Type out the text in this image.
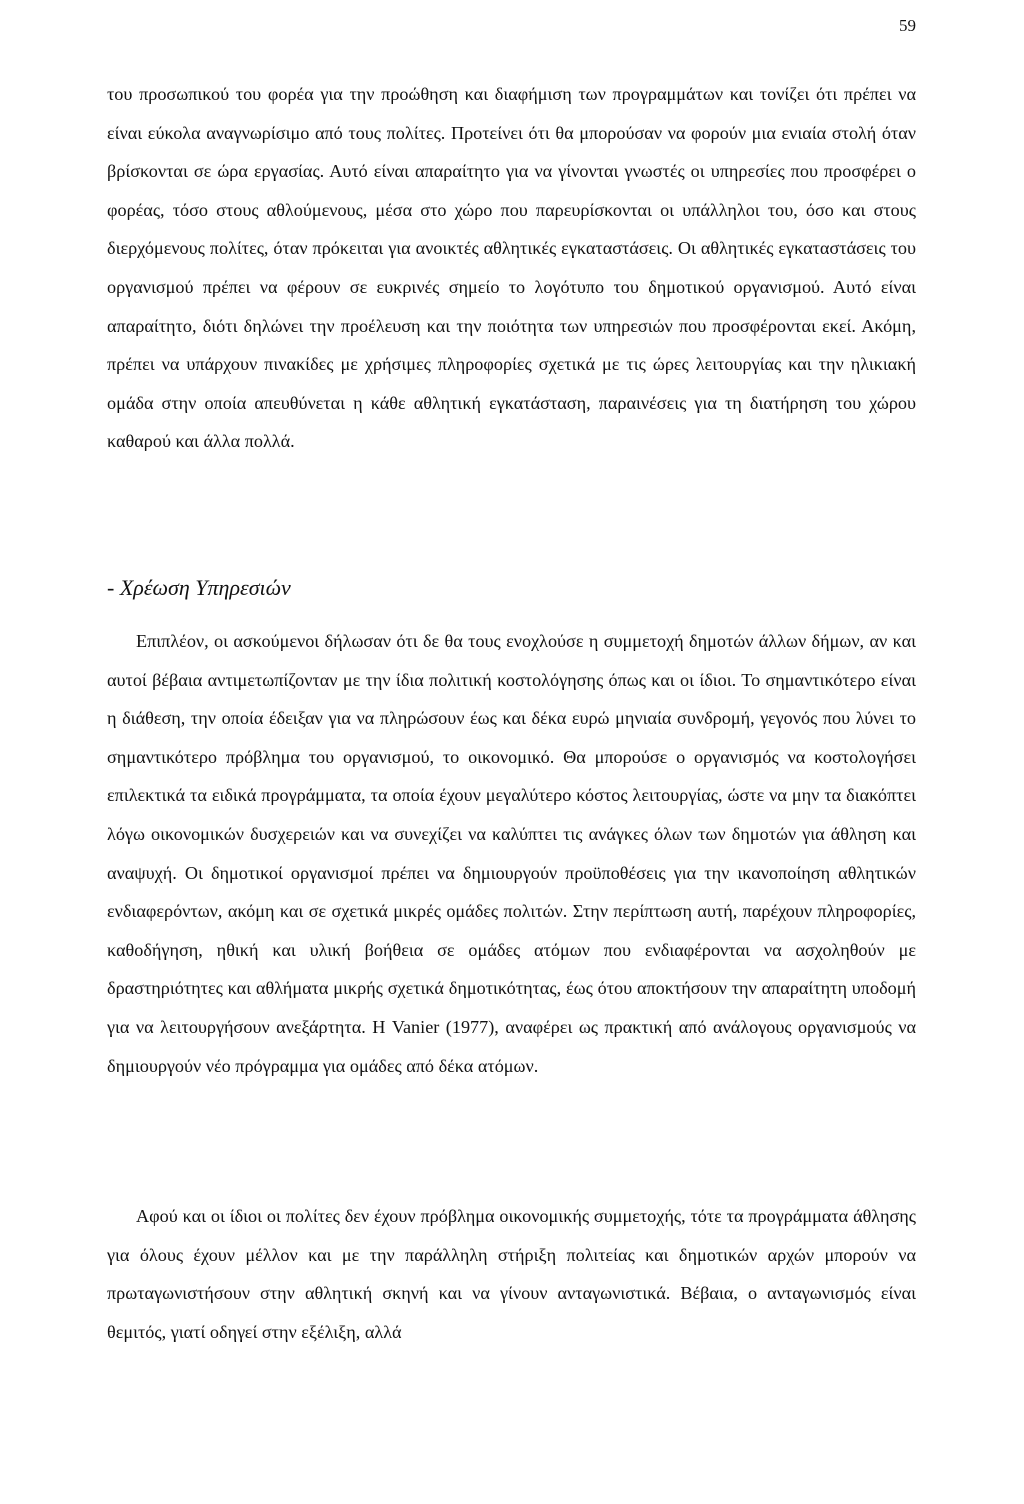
59

του προσωπικού του φορέα για την προώθηση και διαφήμιση των προγραμμάτων και τονίζει ότι πρέπει να είναι εύκολα αναγνωρίσιμο από τους πολίτες. Προτείνει ότι θα μπορούσαν να φορούν μια ενιαία στολή όταν βρίσκονται σε ώρα εργασίας. Αυτό είναι απαραίτητο για να γίνονται γνωστές οι υπηρεσίες που προσφέρει ο φορέας, τόσο στους αθλούμενους, μέσα στο χώρο που παρευρίσκονται οι υπάλληλοι του, όσο και στους διερχόμενους πολίτες, όταν πρόκειται για ανοικτές αθλητικές εγκαταστάσεις. Οι αθλητικές εγκαταστάσεις του οργανισμού πρέπει να φέρουν σε ευκρινές σημείο το λογότυπο του δημοτικού οργανισμού. Αυτό είναι απαραίτητο, διότι δηλώνει την προέλευση και την ποιότητα των υπηρεσιών που προσφέρονται εκεί. Ακόμη, πρέπει να υπάρχουν πινακίδες με χρήσιμες πληροφορίες σχετικά με τις ώρες λειτουργίας και την ηλικιακή ομάδα στην οποία απευθύνεται η κάθε αθλητική εγκατάσταση, παραινέσεις για τη διατήρηση του χώρου καθαρού και άλλα πολλά.

- Χρέωση Υπηρεσιών

Επιπλέον, οι ασκούμενοι δήλωσαν ότι δε θα τους ενοχλούσε η συμμετοχή δημοτών άλλων δήμων, αν και αυτοί βέβαια αντιμετωπίζονταν με την ίδια πολιτική κοστολόγησης όπως και οι ίδιοι. Το σημαντικότερο είναι η διάθεση, την οποία έδειξαν για να πληρώσουν έως και δέκα ευρώ μηνιαία συνδρομή, γεγονός που λύνει το σημαντικότερο πρόβλημα του οργανισμού, το οικονομικό. Θα μπορούσε ο οργανισμός να κοστολογήσει επιλεκτικά τα ειδικά προγράμματα, τα οποία έχουν μεγαλύτερο κόστος λειτουργίας, ώστε να μην τα διακόπτει λόγω οικονομικών δυσχερειών και να συνεχίζει να καλύπτει τις ανάγκες όλων των δημοτών για άθληση και αναψυχή. Οι δημοτικοί οργανισμοί πρέπει να δημιουργούν προϋποθέσεις για την ικανοποίηση αθλητικών ενδιαφερόντων, ακόμη και σε σχετικά μικρές ομάδες πολιτών. Στην περίπτωση αυτή, παρέχουν πληροφορίες, καθοδήγηση, ηθική και υλική βοήθεια σε ομάδες ατόμων που ενδιαφέρονται να ασχοληθούν με δραστηριότητες και αθλήματα μικρής σχετικά δημοτικότητας, έως ότου αποκτήσουν την απαραίτητη υποδομή για να λειτουργήσουν ανεξάρτητα. Η Vanier (1977), αναφέρει ως πρακτική από ανάλογους οργανισμούς να δημιουργούν νέο πρόγραμμα για ομάδες από δέκα ατόμων.

Αφού και οι ίδιοι οι πολίτες δεν έχουν πρόβλημα οικονομικής συμμετοχής, τότε τα προγράμματα άθλησης για όλους έχουν μέλλον και με την παράλληλη στήριξη πολιτείας και δημοτικών αρχών μπορούν να πρωταγωνιστήσουν στην αθλητική σκηνή και να γίνουν ανταγωνιστικά. Βέβαια, ο ανταγωνισμός είναι θεμιτός, γιατί οδηγεί στην εξέλιξη, αλλά
